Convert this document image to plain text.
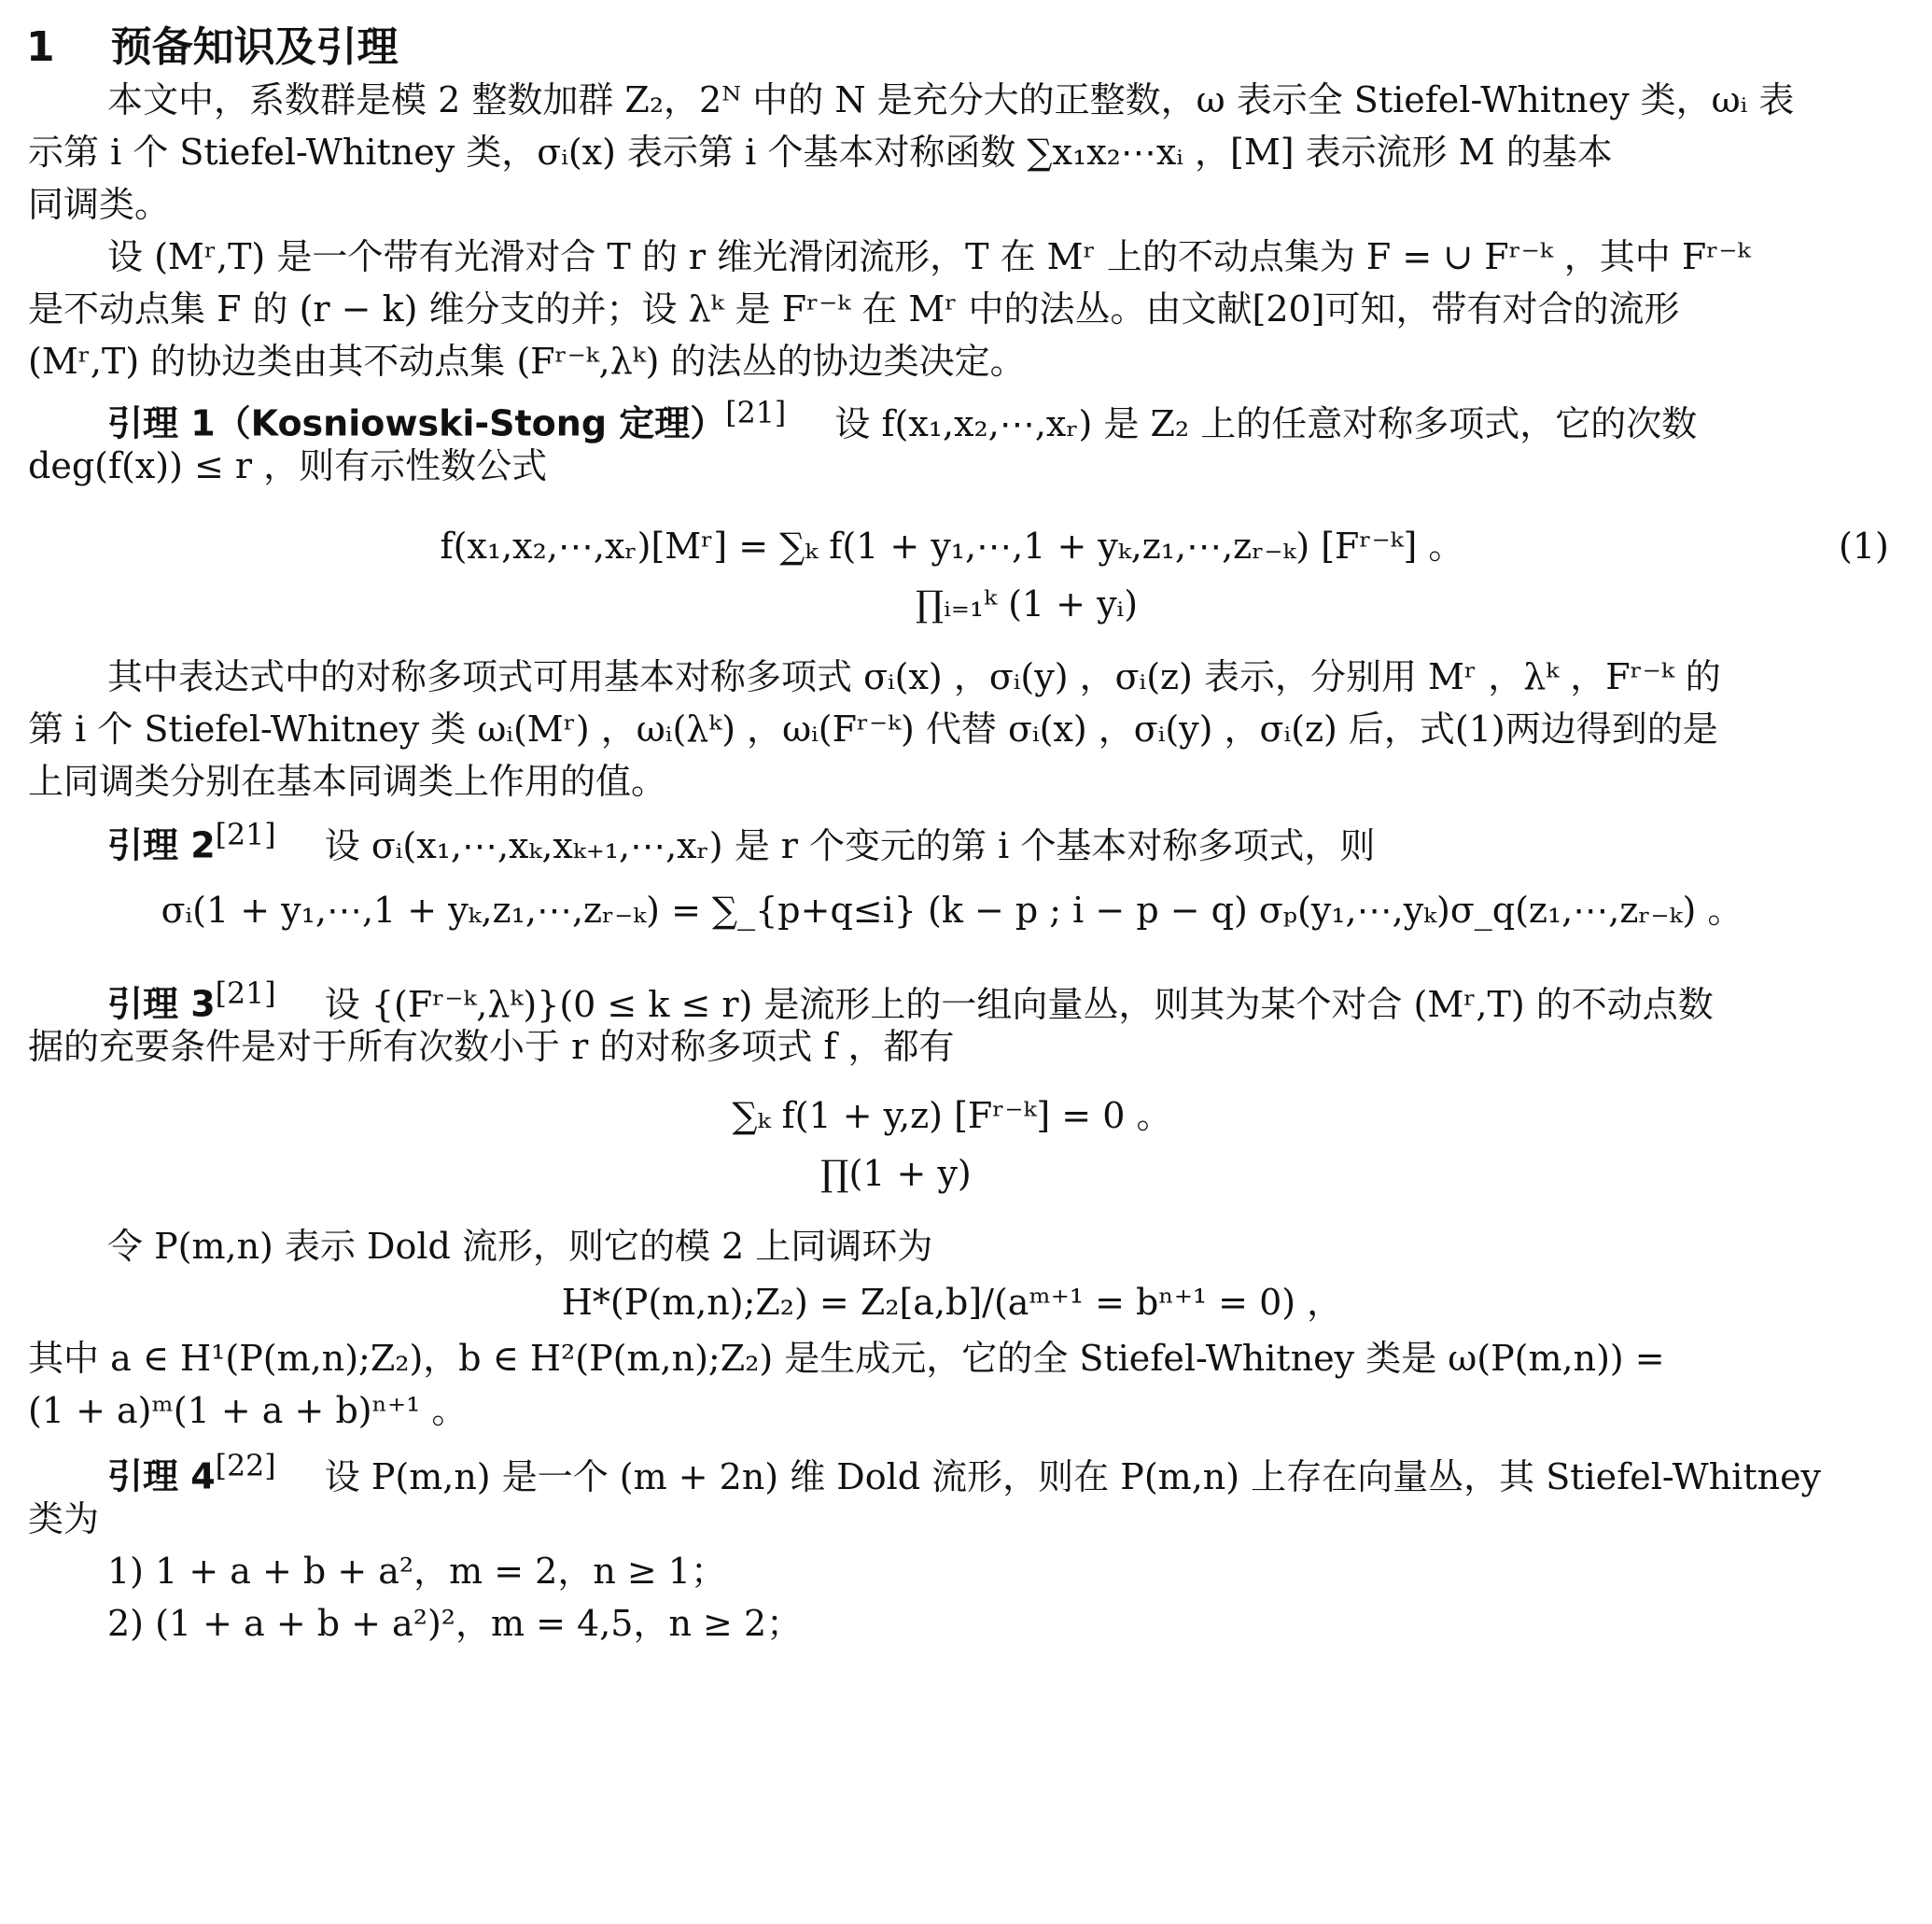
1 预备知识及引理
本文中，系数群是模 2 整数加群 Z₂，2ᴺ 中的 N 是充分大的正整数，ω 表示全 Stiefel-Whitney 类，ωᵢ 表
示第 i 个 Stiefel-Whitney 类，σᵢ(x) 表示第 i 个基本对称函数 ∑x₁x₂⋯xᵢ ，[M] 表示流形 M 的基本
同调类。
设 (Mʳ,T) 是一个带有光滑对合 T 的 r 维光滑闭流形，T 在 Mʳ 上的不动点集为 F = ∪ Fʳ⁻ᵏ ，其中 Fʳ⁻ᵏ
是不动点集 F 的 (r − k) 维分支的并；设 λᵏ 是 Fʳ⁻ᵏ 在 Mʳ 中的法丛。由文献[20]可知，带有对合的流形
(Mʳ,T) 的协边类由其不动点集 (Fʳ⁻ᵏ,λᵏ) 的法丛的协边类决定。
引理 1（Kosniowski-Stong 定理）[21] 设 f(x₁,x₂,⋯,xᵣ) 是 Z₂ 上的任意对称多项式，它的次数
deg(f(x)) ≤ r ，则有示性数公式
f(x₁,x₂,⋯,xᵣ)[Mʳ] = ∑ₖ f(1 + y₁,⋯,1 + yₖ,z₁,⋯,zᵣ₋ₖ) [Fʳ⁻ᵏ] 。
∏ᵢ₌₁ᵏ (1 + yᵢ)
(1)
其中表达式中的对称多项式可用基本对称多项式 σᵢ(x) ，σᵢ(y) ，σᵢ(z) 表示，分别用 Mʳ ，λᵏ ，Fʳ⁻ᵏ 的
第 i 个 Stiefel-Whitney 类 ωᵢ(Mʳ) ，ωᵢ(λᵏ) ，ωᵢ(Fʳ⁻ᵏ) 代替 σᵢ(x) ，σᵢ(y) ，σᵢ(z) 后，式(1)两边得到的是
上同调类分别在基本同调类上作用的值。
引理 2[21] 设 σᵢ(x₁,⋯,xₖ,xₖ₊₁,⋯,xᵣ) 是 r 个变元的第 i 个基本对称多项式，则
σᵢ(1 + y₁,⋯,1 + yₖ,z₁,⋯,zᵣ₋ₖ) = ∑_{p+q≤i} (k − p ; i − p − q) σₚ(y₁,⋯,yₖ)σ_q(z₁,⋯,zᵣ₋ₖ) 。
引理 3[21] 设 {(Fʳ⁻ᵏ,λᵏ)}(0 ≤ k ≤ r) 是流形上的一组向量丛，则其为某个对合 (Mʳ,T) 的不动点数
据的充要条件是对于所有次数小于 r 的对称多项式 f ，都有
∑ₖ f(1 + y,z) [Fʳ⁻ᵏ] = 0 。
∏(1 + y)
令 P(m,n) 表示 Dold 流形，则它的模 2 上同调环为
H*(P(m,n);Z₂) = Z₂[a,b]/(aᵐ⁺¹ = bⁿ⁺¹ = 0) ，
其中 a ∈ H¹(P(m,n);Z₂)，b ∈ H²(P(m,n);Z₂) 是生成元，它的全 Stiefel-Whitney 类是 ω(P(m,n)) =
(1 + a)ᵐ(1 + a + b)ⁿ⁺¹ 。
引理 4[22] 设 P(m,n) 是一个 (m + 2n) 维 Dold 流形，则在 P(m,n) 上存在向量丛，其 Stiefel-Whitney
类为
1) 1 + a + b + a²，m = 2，n ≥ 1；
2) (1 + a + b + a²)²，m = 4,5，n ≥ 2；
